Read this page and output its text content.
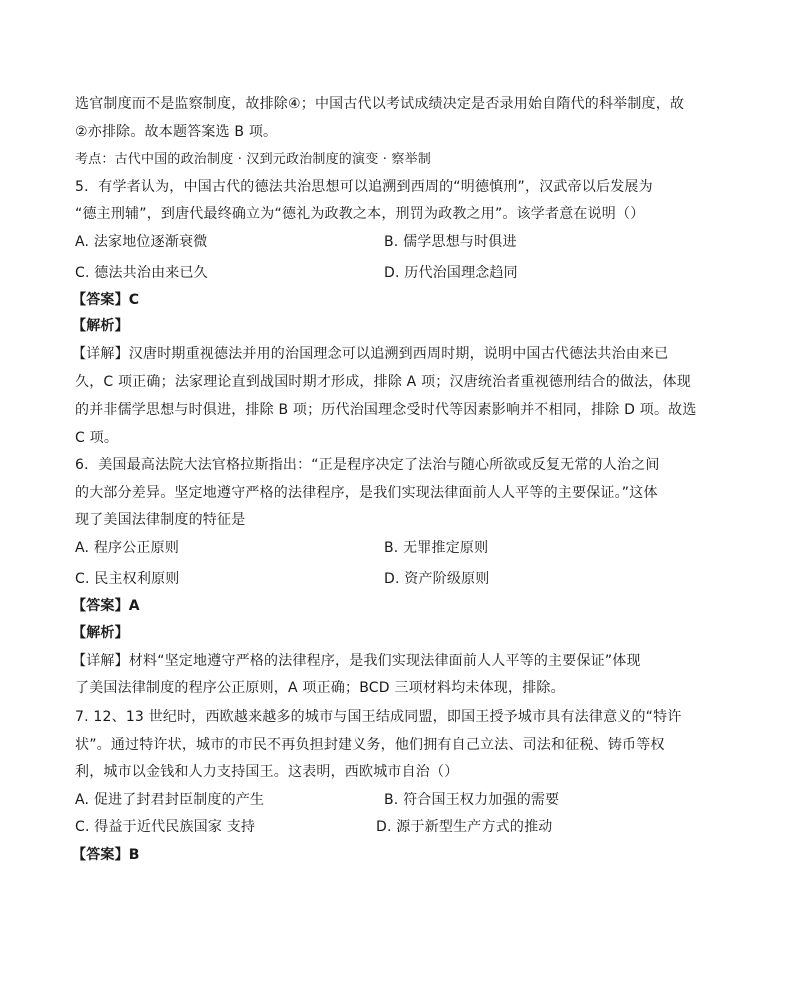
选官制度而不是监察制度，故排除④；中国古代以考试成绩决定是否录用始自隋代的科举制度，故
②亦排除。故本题答案选 B 项。
考点：古代中国的政治制度 · 汉到元政治制度的演变 · 察举制
5．有学者认为，中国古代的德法共治思想可以追溯到西周的“明德慎刑”，汉武帝以后发展为
“德主刑辅”，到唐代最终确立为“德礼为政教之本，刑罚为政教之用”。该学者意在说明（）
A. 法家地位逐渐衰微	B. 儒学思想与时俱进
C. 德法共治由来已久	D. 历代治国理念趋同
【答案】C
【解析】
【详解】汉唐时期重视德法并用的治国理念可以追溯到西周时期，说明中国古代德法共治由来已
久，C 项正确；法家理论直到战国时期才形成，排除 A 项；汉唐统治者重视德刑结合的做法，体现
的并非儒学思想与时俱进，排除 B 项；历代治国理念受时代等因素影响并不相同，排除 D 项。故选
C 项。
6．美国最高法院大法官格拉斯指出：“正是程序决定了法治与随心所欲或反复无常的人治之间
的大部分差异。坚定地遵守严格的法律程序，是我们实现法律面前人人平等的主要保证。”这体
现了美国法律制度的特征是
A. 程序公正原则	B. 无罪推定原则
C. 民主权利原则	D. 资产阶级原则
【答案】A
【解析】
【详解】材料“坚定地遵守严格的法律程序，是我们实现法律面前人人平等的主要保证”体现
了美国法律制度的程序公正原则，A 项正确；BCD 三项材料均未体现，排除。
7. 12、13 世纪时，西欧越来越多的城市与国王结成同盟，即国王授予城市具有法律意义的“特许
状”。通过特许状，城市的市民不再负担封建义务，他们拥有自己立法、司法和征税、铸币等权
利，城市以金钱和人力支持国王。这表明，西欧城市自治（）
A. 促进了封君封臣制度的产生	B. 符合国王权力加强的需要
C. 得益于近代民族国家 支持	D. 源于新型生产方式的推动
【答案】B
